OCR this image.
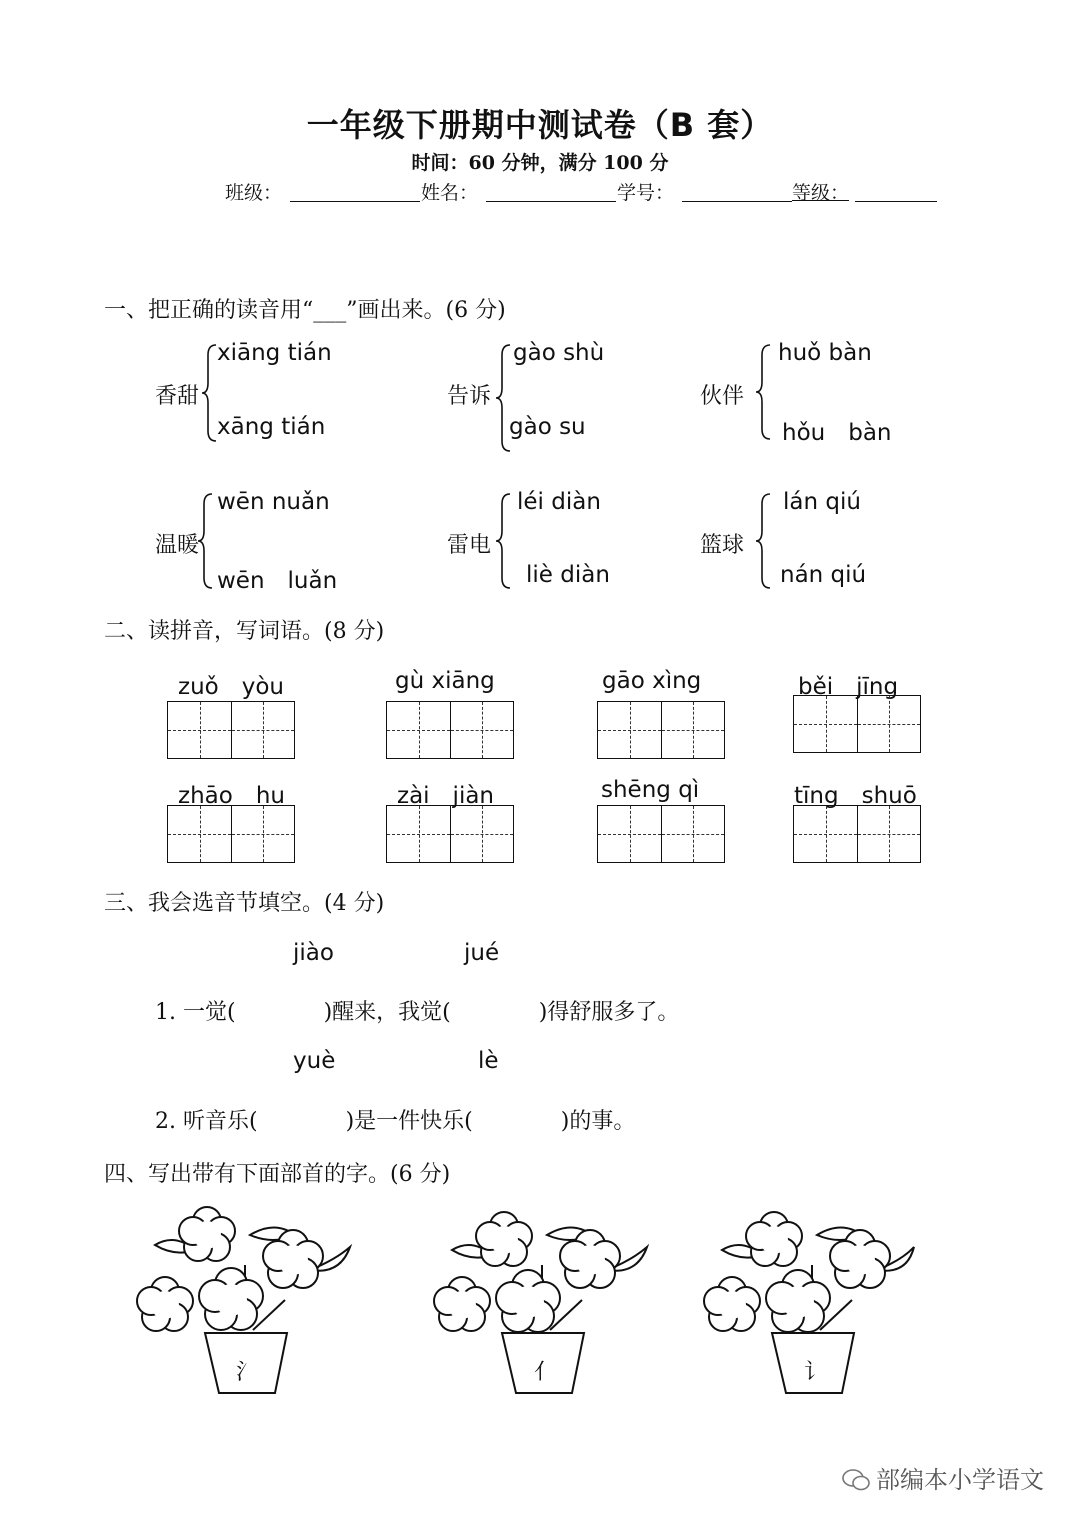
一年级下册期中测试卷（B 套）
时间：60 分钟，满分 100 分
班级：	姓名：	学号：	等级：
一、把正确的读音用“___”画出来。(6 分)
香甜
xiāng tián
xāng tián
告诉
gào shù
gào su
伙伴
huǒ bàn
hǒu　bàn
温暖
wēn nuǎn
wēn　luǎn
雷电
léi diàn
liè diàn
篮球
lán qiú
nán qiú
二、读拼音，写词语。(8 分)
zuǒ　yòu	gù xiāng	gāo xìng	běi　jīng
zhāo　hu	zài　jiàn	shēng qì	tīng　shuō
三、我会选音节填空。(4 分)
jiào	jué
1. 一觉(　　　　)醒来，我觉(　　　　)得舒服多了。
yuè	lè
2. 听音乐(　　　　)是一件快乐(　　　　)的事。
四、写出带有下面部首的字。(6 分)
氵	亻	讠
部编本小学语文
